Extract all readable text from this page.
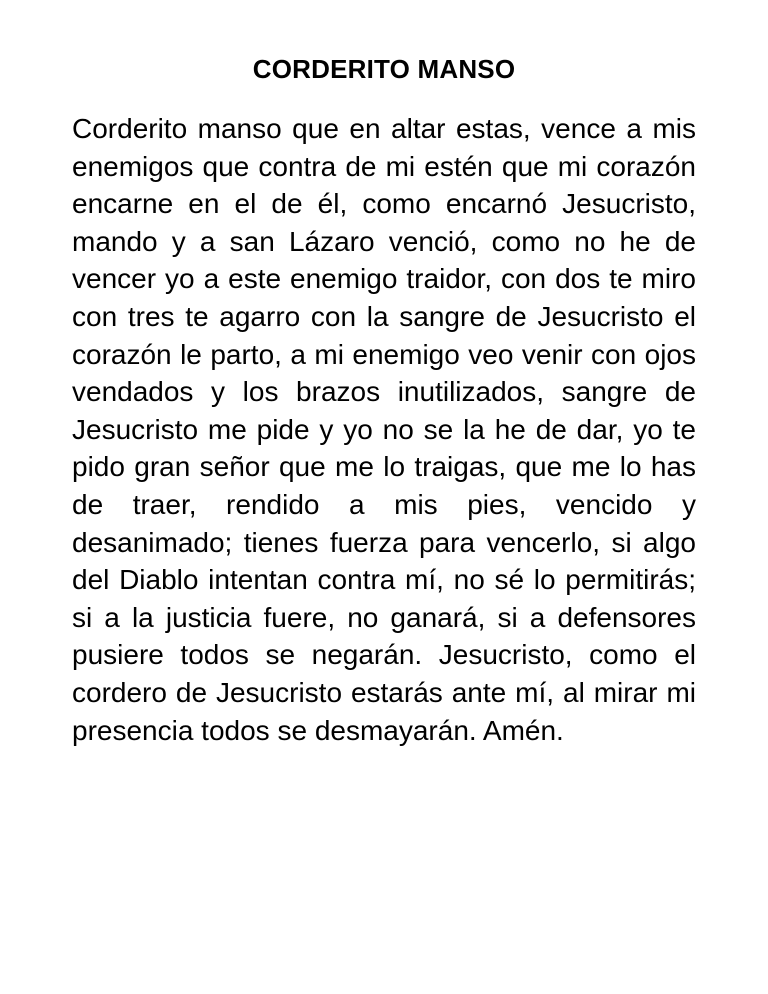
CORDERITO MANSO

Corderito manso que en altar estas, vence a mis enemigos que contra de mi estén que mi corazón encarne en el de él, como encarnó Jesucristo, mando y a san Lázaro venció, como no he de vencer yo a este enemigo traidor, con dos te miro con tres te agarro con la sangre de Jesucristo el corazón le parto, a mi enemigo veo venir con ojos vendados y los brazos inutilizados, sangre de Jesucristo me pide y yo no se la he de dar, yo te pido gran señor que me lo traigas, que me lo has de traer, rendido a mis pies, vencido y desanimado; tienes fuerza para vencerlo, si algo del Diablo intentan contra mí, no sé lo permitirás; si a la justicia fuere, no ganará, si a defensores pusiere todos se negarán. Jesucristo, como el cordero de Jesucristo estarás ante mí, al mirar mi presencia todos se desmayarán. Amén.
